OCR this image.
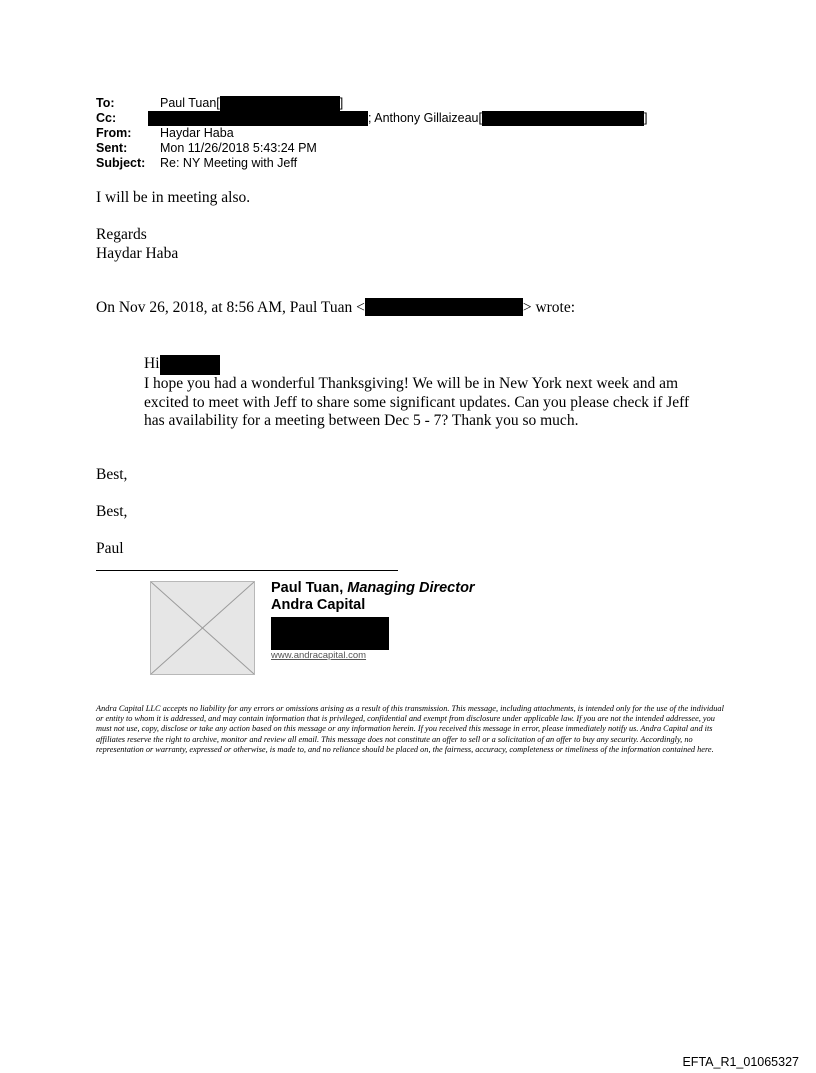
To:	Paul Tuan[	]
Cc:	; Anthony Gillaizeau[	]
From: Haydar Haba
Sent:	Mon 11/26/2018 5:43:24 PM
Subject: Re: NY Meeting with Jeff
I will be in meeting also.
Regards
Haydar Haba
On Nov 26, 2018, at 8:56 AM, Paul Tuan <	> wrote:
Hi
I hope you had a wonderful Thanksgiving! We will be in New York next week and am excited to meet with Jeff to share some significant updates. Can you please check if Jeff has availability for a meeting between Dec 5 - 7? Thank you so much.
Best,
Best,
Paul
Paul Tuan, Managing Director
Andra Capital
www.andracapital.com
Andra Capital LLC accepts no liability for any errors or omissions arising as a result of this transmission. This message, including attachments, is intended only for the use of the individual or entity to whom it is addressed, and may contain information that is privileged, confidential and exempt from disclosure under applicable law. If you are not the intended addressee, you must not use, copy, disclose or take any action based on this message or any information herein. If you received this message in error, please immediately notify us. Andra Capital and its affiliates reserve the right to archive, monitor and review all email. This message does not constitute an offer to sell or a solicitation of an offer to buy any security. Accordingly, no representation or warranty, expressed or otherwise, is made to, and no reliance should be placed on, the fairness, accuracy, completeness or timeliness of the information contained here.
EFTA_R1_01065327
